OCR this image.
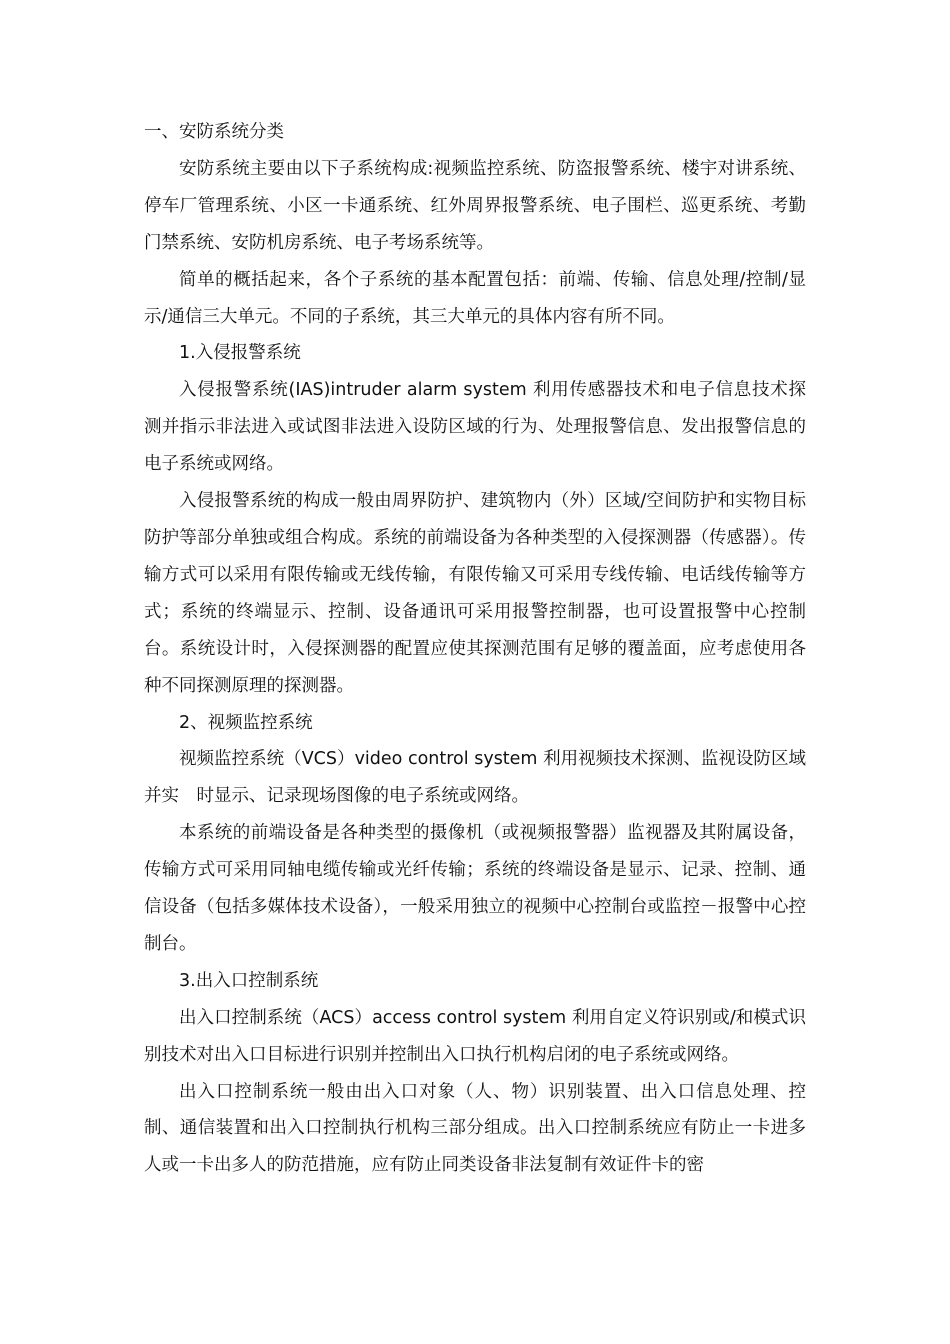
一、安防系统分类

安防系统主要由以下子系统构成:视频监控系统、防盗报警系统、楼宇对讲系统、停车厂管理系统、小区一卡通系统、红外周界报警系统、电子围栏、巡更系统、考勤门禁系统、安防机房系统、电子考场系统等。

简单的概括起来，各个子系统的基本配置包括：前端、传输、信息处理/控制/显示/通信三大单元。不同的子系统，其三大单元的具体内容有所不同。

1.入侵报警系统

入侵报警系统(IAS)intruder alarm system 利用传感器技术和电子信息技术探测并指示非法进入或试图非法进入设防区域的行为、处理报警信息、发出报警信息的电子系统或网络。

入侵报警系统的构成一般由周界防护、建筑物内（外）区域/空间防护和实物目标防护等部分单独或组合构成。系统的前端设备为各种类型的入侵探测器（传感器）。传输方式可以采用有限传输或无线传输，有限传输又可采用专线传输、电话线传输等方式；系统的终端显示、控制、设备通讯可采用报警控制器，也可设置报警中心控制台。系统设计时，入侵探测器的配置应使其探测范围有足够的覆盖面，应考虑使用各种不同探测原理的探测器。

2、视频监控系统

视频监控系统（VCS）video control system 利用视频技术探测、监视设防区域并实　时显示、记录现场图像的电子系统或网络。

本系统的前端设备是各种类型的摄像机（或视频报警器）监视器及其附属设备，传输方式可采用同轴电缆传输或光纤传输；系统的终端设备是显示、记录、控制、通信设备（包括多媒体技术设备），一般采用独立的视频中心控制台或监控－报警中心控制台。

3.出入口控制系统

出入口控制系统（ACS）access control system 利用自定义符识别或/和模式识别技术对出入口目标进行识别并控制出入口执行机构启闭的电子系统或网络。

出入口控制系统一般由出入口对象（人、物）识别装置、出入口信息处理、控制、通信装置和出入口控制执行机构三部分组成。出入口控制系统应有防止一卡进多人或一卡出多人的防范措施，应有防止同类设备非法复制有效证件卡的密
